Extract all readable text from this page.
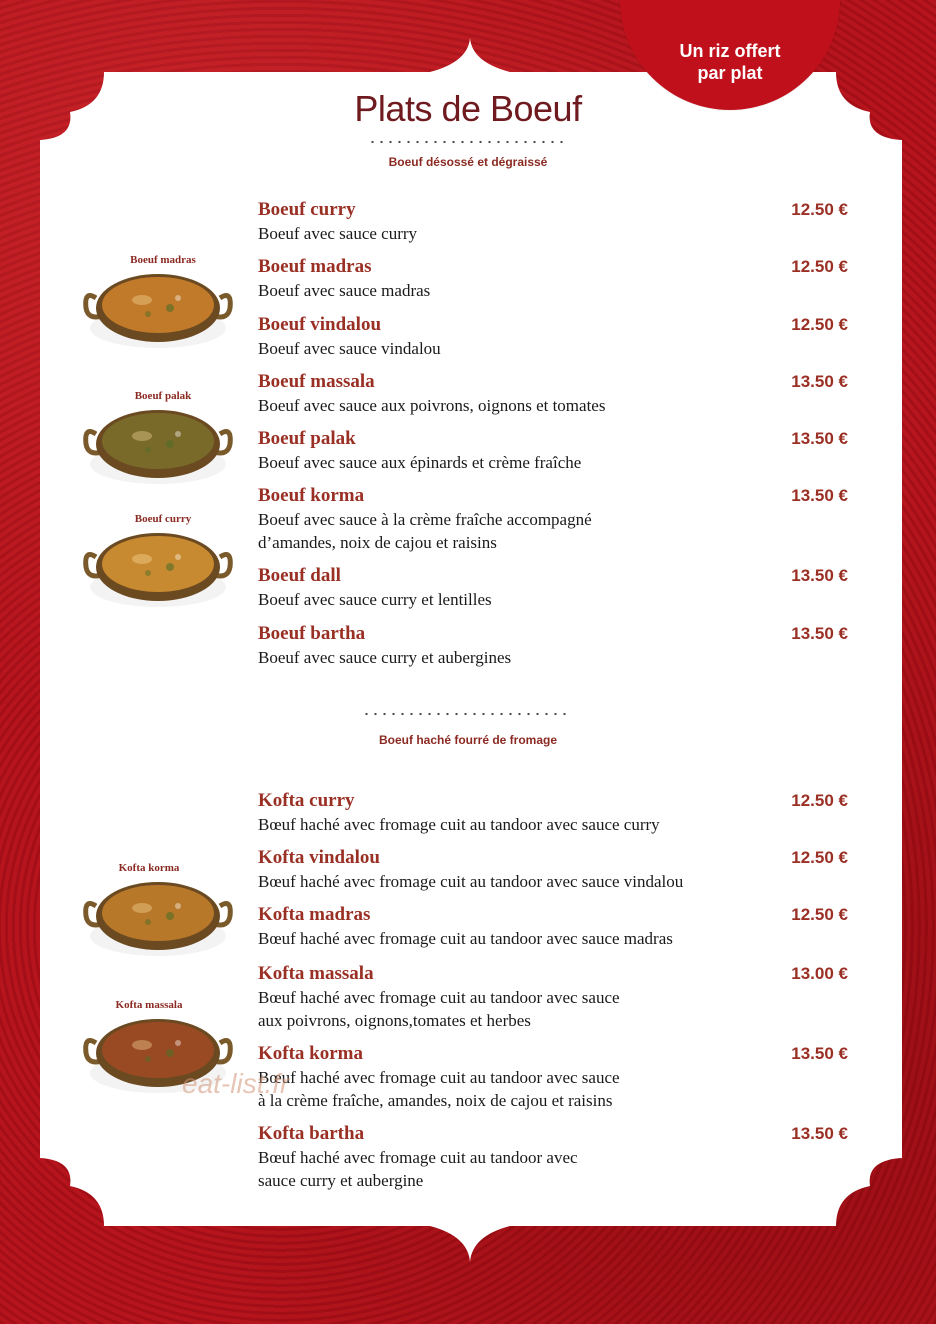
Un riz offert
par plat
Plats de Boeuf
Boeuf désossé et dégraissé
Boeuf curry	12.50 €
Boeuf avec sauce curry
Boeuf madras	12.50 €
Boeuf avec sauce madras
Boeuf vindalou	12.50 €
Boeuf avec sauce vindalou
Boeuf massala	13.50 €
Boeuf avec sauce aux poivrons, oignons et tomates
Boeuf palak	13.50 €
Boeuf avec sauce aux épinards et crème fraîche
Boeuf korma	13.50 €
Boeuf avec sauce à la crème fraîche accompagné
d’amandes, noix de cajou et raisins
Boeuf dall	13.50 €
Boeuf avec sauce curry et lentilles
Boeuf bartha	13.50 €
Boeuf avec sauce curry et aubergines
Boeuf madras
Boeuf palak
Boeuf curry
Boeuf haché fourré de fromage
Kofta curry	12.50 €
Bœuf haché avec fromage cuit au tandoor avec sauce curry
Kofta vindalou	12.50 €
Bœuf haché avec fromage cuit au tandoor avec sauce vindalou
Kofta madras	12.50 €
Bœuf haché avec fromage cuit au tandoor avec sauce madras
Kofta massala	13.00 €
Bœuf haché avec fromage cuit au tandoor avec sauce
aux poivrons, oignons,tomates et herbes
Kofta korma	13.50 €
Bœuf haché avec fromage cuit au tandoor avec sauce
à la crème fraîche, amandes, noix de cajou et raisins
Kofta bartha	13.50 €
Bœuf haché avec fromage cuit au tandoor avec
sauce curry et aubergine
Kofta korma
Kofta massala
eat-list.fr
